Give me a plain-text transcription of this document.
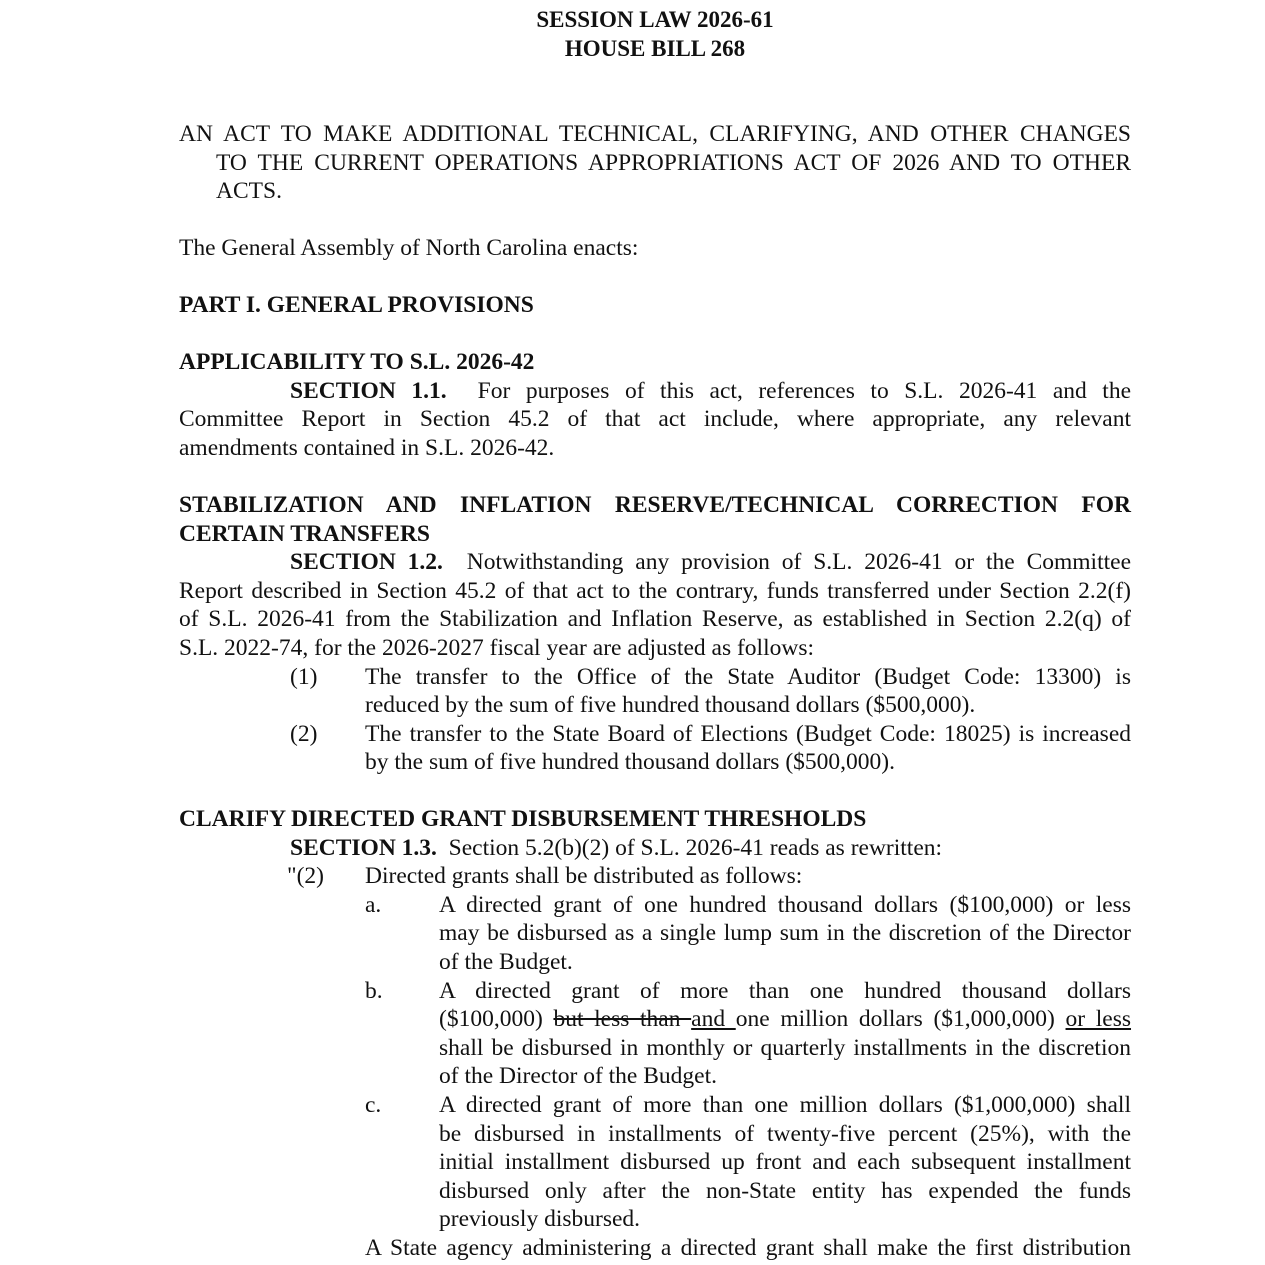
SESSION LAW 2026-61
HOUSE BILL 268
AN ACT TO MAKE ADDITIONAL TECHNICAL, CLARIFYING, AND OTHER CHANGES
TO THE CURRENT OPERATIONS APPROPRIATIONS ACT OF 2026 AND TO OTHER
ACTS.
The General Assembly of North Carolina enacts:
PART I. GENERAL PROVISIONS
APPLICABILITY TO S.L. 2026-42
SECTION 1.1. For purposes of this act, references to S.L. 2026-41 and the
Committee Report in Section 45.2 of that act include, where appropriate, any relevant
amendments contained in S.L. 2026-42.
STABILIZATION AND INFLATION RESERVE/TECHNICAL CORRECTION FOR
CERTAIN TRANSFERS
SECTION 1.2. Notwithstanding any provision of S.L. 2026-41 or the Committee
Report described in Section 45.2 of that act to the contrary, funds transferred under Section 2.2(f)
of S.L. 2026-41 from the Stabilization and Inflation Reserve, as established in Section 2.2(q) of
S.L. 2022-74, for the 2026-2027 fiscal year are adjusted as follows:
(1) The transfer to the Office of the State Auditor (Budget Code: 13300) is
reduced by the sum of five hundred thousand dollars ($500,000).
(2) The transfer to the State Board of Elections (Budget Code: 18025) is increased
by the sum of five hundred thousand dollars ($500,000).
CLARIFY DIRECTED GRANT DISBURSEMENT THRESHOLDS
SECTION 1.3. Section 5.2(b)(2) of S.L. 2026-41 reads as rewritten:
"(2) Directed grants shall be distributed as follows:
a. A directed grant of one hundred thousand dollars ($100,000) or less
may be disbursed as a single lump sum in the discretion of the Director
of the Budget.
b. A directed grant of more than one hundred thousand dollars
($100,000) but less than and one million dollars ($1,000,000) or less
shall be disbursed in monthly or quarterly installments in the discretion
of the Director of the Budget.
c. A directed grant of more than one million dollars ($1,000,000) shall
be disbursed in installments of twenty-five percent (25%), with the
initial installment disbursed up front and each subsequent installment
disbursed only after the non-State entity has expended the funds
previously disbursed.
A State agency administering a directed grant shall make the first distribution
